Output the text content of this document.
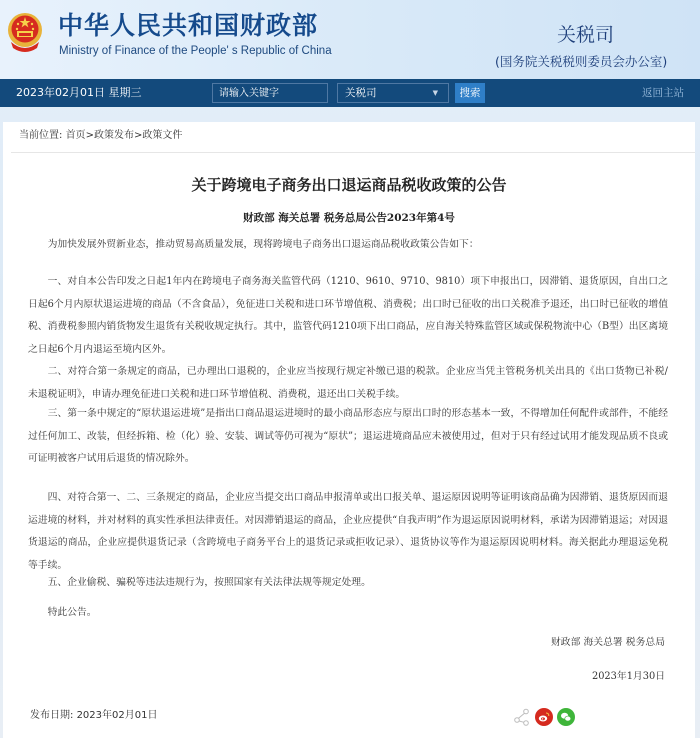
中华人民共和国财政部
Ministry of Finance of the People' s Republic of China
关税司
(国务院关税税则委员会办公室)
2023年02月01日 星期三
请输入关键字	关税司	▼	搜索	返回主站
当前位置: 首页>政策发布>政策文件
关于跨境电子商务出口退运商品税收政策的公告
财政部 海关总署 税务总局公告2023年第4号

为加快发展外贸新业态，推动贸易高质量发展，现将跨境电子商务出口退运商品税收政策公告如下：

一、对自本公告印发之日起1年内在跨境电子商务海关监管代码（1210、9610、9710、9810）项下申报出口，因滞销、退货原因，自出口之日起6个月内原状退运进境的商品（不含食品），免征进口关税和进口环节增值税、消费税；出口时已征收的出口关税准予退还，出口时已征收的增值税、消费税参照内销货物发生退货有关税收规定执行。其中，监管代码1210项下出口商品，应自海关特殊监管区域或保税物流中心（B型）出区离境之日起6个月内退运至境内区外。

二、对符合第一条规定的商品，已办理出口退税的，企业应当按现行规定补缴已退的税款。企业应当凭主管税务机关出具的《出口货物已补税/未退税证明》，申请办理免征进口关税和进口环节增值税、消费税，退还出口关税手续。

三、第一条中规定的“原状退运进境”是指出口商品退运进境时的最小商品形态应与原出口时的形态基本一致，不得增加任何配件或部件，不能经过任何加工、改装，但经拆箱、检（化）验、安装、调试等仍可视为“原状”；退运进境商品应未被使用过，但对于只有经过试用才能发现品质不良或可证明被客户试用后退货的情况除外。

四、对符合第一、二、三条规定的商品，企业应当提交出口商品申报清单或出口报关单、退运原因说明等证明该商品确为因滞销、退货原因而退运进境的材料，并对材料的真实性承担法律责任。对因滞销退运的商品，企业应提供“自我声明”作为退运原因说明材料，承诺为因滞销退运；对因退货退运的商品，企业应提供退货记录（含跨境电子商务平台上的退货记录或拒收记录）、退货协议等作为退运原因说明材料。海关据此办理退运免税等手续。

五、企业偷税、骗税等违法违规行为，按照国家有关法律法规等规定处理。

特此公告。

财政部 海关总署 税务总局
2023年1月30日
发布日期: 2023年02月01日
